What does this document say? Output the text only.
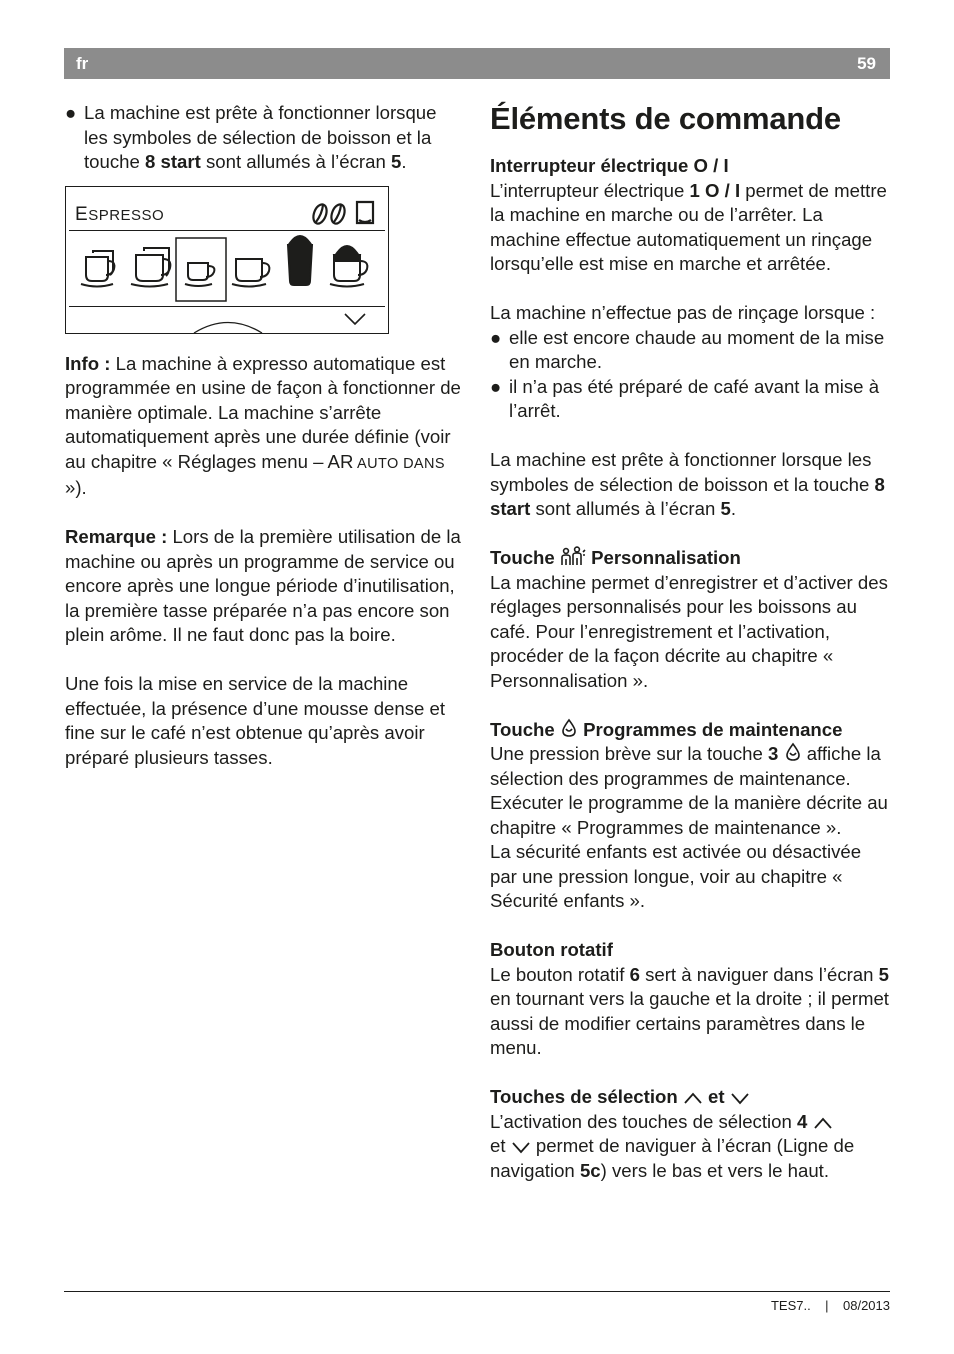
fr	59
● La machine est prête à fonctionner lorsque les symboles de sélection de boisson et la touche 8 start sont allumés à l’écran 5.
ESPRESSO

Info : La machine à expresso automatique est programmée en usine de façon à fonctionner de manière optimale. La machine s’arrête automatiquement après une durée définie (voir au chapitre « Réglages menu – AR AUTO DANS »).

Remarque : Lors de la première utilisation de la machine ou après un programme de service ou encore après une longue période d’inutilisation, la première tasse préparée n’a pas encore son plein arôme. Il ne faut donc pas la boire.

Une fois la mise en service de la machine effectuée, la présence d’une mousse dense et fine sur le café n’est obtenue qu’après avoir préparé plusieurs tasses.

Éléments de commande

Interrupteur électrique O / I

L’interrupteur électrique 1 O / I permet de mettre la machine en marche ou de l’arrêter. La machine effectue automatiquement un rinçage lorsqu’elle est mise en marche et arrêtée.

La machine n’effectue pas de rinçage lorsque :

● elle est encore chaude au moment de la mise en marche.
● il n’a pas été préparé de café avant la mise à l’arrêt.

La machine est prête à fonctionner lorsque les symboles de sélection de boisson et la touche 8 start sont allumés à l’écran 5.

Touche  Personnalisation

La machine permet d’enregistrer et d’activer des réglages personnalisés pour les boissons au café. Pour l’enregistrement et l’activation, procéder de la façon décrite au chapitre « Personnalisation ».

Touche  Programmes de maintenance

Une pression brève sur la touche 3  affiche la sélection des programmes de maintenance. Exécuter le programme de la manière décrite au chapitre « Programmes de maintenance ».

La sécurité enfants est activée ou désactivée par une pression longue, voir au chapitre « Sécurité enfants ».

Bouton rotatif

Le bouton rotatif 6 sert à naviguer dans l’écran 5 en tournant vers la gauche et la droite ; il permet aussi de modifier certains paramètres dans le menu.

Touches de sélection  et

L’activation des touches de sélection 4
et  permet de naviguer à l’écran (Ligne de navigation 5c) vers le bas et vers le haut.

TES7.. | 08/2013
